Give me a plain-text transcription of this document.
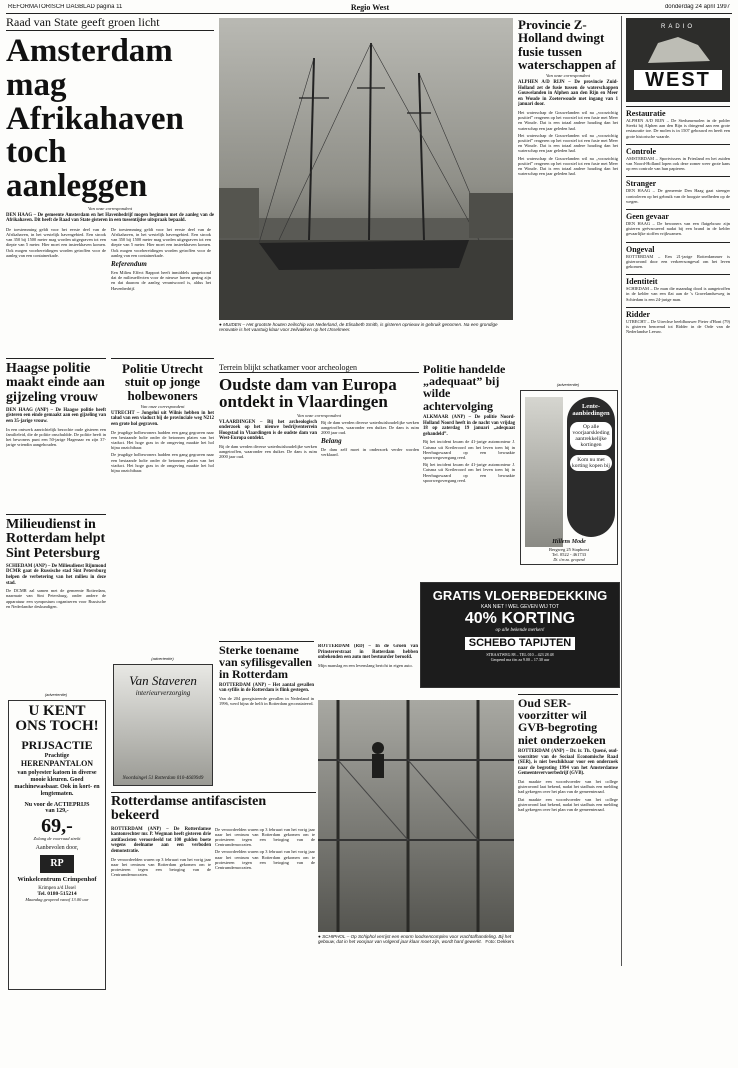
REFORMATORISCH DAGBLAD pagina 11	Regio West	donderdag 24 april 1997
Raad van State geeft groen licht
Amsterdam mag Afrikahaven toch aanleggen
Van onze correspondent
DEN HAAG – De gemeente Amsterdam en het Havenbedrijf mogen beginnen met de aanleg van de Afrikahaven. Dit heeft de Raad van State gisteren in een tussentijdse uitspraak bepaald.
De toestemming geldt voor het eerste deel van de Afrikahaven, in het westelijk havengebied. Een strook van 350 bij 1500 meter mag worden uitgegraven tot een diepte van 5 meter. Hier moet een insteekhaven komen. Ook mogen voorbereidingen worden getroffen voor de aanleg van een containerkade.
De toestemming geldt voor het eerste deel van de Afrikahaven, in het westelijk havengebied. Een strook van 350 bij 1500 meter mag worden uitgegraven tot een diepte van 5 meter. Hier moet een insteekhaven komen. Ook mogen voorbereidingen worden getroffen voor de aanleg van een containerkade.
Referendum
Een Milieu Effect Rapport heeft inmiddels aangetoond dat de milieueffecten voor de nieuwe haven gering zijn en dat daarom de aanleg verantwoord is, aldus het Havenbedrijf.
● MUIDEN – Het grootste houten zeilschip van Nederland, de Elisabeth Smith, is gisteren opnieuw in gebruik genomen. Na een grondige renovatie is het vaartuig klaar voor zeilvakken op het IJsselmeer.
Haagse politie maakt einde aan gijzeling vrouw
DEN HAAG (ANP) – De Haagse politie heeft gisteren een einde gemaakt aan een gijzeling van een 35-jarige vrouw.
In een ontwerk aanrichtelijk bezochte oude gisteren een familieleid, die de politie onschuldde. De politie heeft in het bewoners punt een 50-jarige Hagenaar en zijn 37-jarige vriendin aangehouden.
Milieudienst in Rotterdam helpt Sint Petersburg
SCHIEDAM (ANP) – De Milieudienst Rijnmond DCMR gaat de Russische stad Sint Petersburg helpen de verbetering van het milieu in deze stad.
De DCMR zal samen met de gemeente Rotterdam, naarmate van Sint Petersburg, onder andere de apparatuur een symposium organiseren voor Russische en Nederlandse deskundigen.
(advertentie)
U KENT ONS TOCH!
PRIJSACTIE
Prachtige
HERENPANTALON
van polyester katoen in diverse mooie kleuren. Goed machinewasbaar. Ook in kort- en lengtematen.
Nu voor de ACTIEPRIJS
van 129,-
69,-
Zolang de voorraad strekt
Aanbevolen door,
RP
Winkelcentrum Crimpenhof
Krimpen a/d IJssel
Tel. 0180-515214
Maandag geopend vanaf 13.00 uur
Politie Utrecht stuit op jonge holbewoners
Van onze correspondent
UTRECHT – Jongelui uit Wilnis hebben in het talud van een viaduct bij de provinciale weg N212 een grote hol gegraven.
De jeugdige holbewoners hadden een gang gegraven naar een bestaande holte onder de betonnen platen van het viaduct. Het hoge gras in de omgeving maakte het hol bijna onzichtbaar.
De jeugdige holbewoners hadden een gang gegraven naar een bestaande holte onder de betonnen platen van het viaduct. Het hoge gras in de omgeving maakte het hol bijna onzichtbaar.
(advertentie)
Van Staveren
interieurverzorging
Noordsingel 51 Rotterdam 010-4669949
Terrein blijkt schatkamer voor archeologen
Oudste dam van Europa ontdekt in Vlaardingen
Van onze correspondent
VLAARDINGEN – Bij het archeologisch onderzoek op het nieuwe bedrijventerrein Hoogstad in Vlaardingen is de oudste dam van West-Europa ontdekt.
Bij de dam werden diverse waterhuishoudelijke werken aangetroffen, waaronder een duiker. De dam is ruim 2000 jaar oud.
Bij de dam werden diverse waterhuishoudelijke werken aangetroffen, waaronder een duiker. De dam is ruim 2000 jaar oud.
Belang
De dam zelf moet in onderzoek verder worden verklaard.
Sterke toename van syfilisgevallen in Rotterdam
ROTTERDAM (ANP) – Het aantal gevallen van syfilis in de Rotterdam is flink gestegen.
Van de 204 geregistreerde gevallen in Nederland in 1996, werd bijna de helft in Rotterdam geconstateerd.
Politie handelde „adequaat” bij wilde achtervolging
ALKMAAR (ANP) – De politie Noord-Holland Noord heeft in de nacht van vrijdag 18 op zaterdag 19 januari „adequaat gehandeld”.
Bij het incident kwam de 41-jarige automonteur J. Catsma uit Kreileroord om het leven toen hij in Heerhugowaard op een bewaakte spoorwegovergang reed.
Bij het incident kwam de 41-jarige automonteur J. Catsma uit Kreileroord om het leven toen hij in Heerhugowaard op een bewaakte spoorwegovergang reed.
ROTTERDAM (RD) – In de Groen van Prinstererstraat in Rotterdam hebben onbekenden een auto met bestuurder beroofd.
Mijn manslag en een levenslang bericht in eigen auto.
● SCHIPHOL – Op Schiphol verrijst een enorm loodsencomplex voor vrachtafhandeling. Bij het gebouw, dat in het voorjaar van volgend jaar klaar moet zijn, wordt hard gewerkt. Foto: Dekkers
Rotterdamse antifascisten bekeerd
ROTTERDAM (ANP) – De Rotterdamse kantonrechter mr. P. Wegman heeft gisteren drie antifascisten veroordeeld tot 100 gulden boete wegens deelname aan een verboden demonstratie.
De veroordeelden waren op 3 februari van het vorig jaar naar het centrum van Rotterdam gekomen om te protesteren tegen een betoging van de Centrumdemocraten.
De veroordeelden waren op 3 februari van het vorig jaar naar het centrum van Rotterdam gekomen om te protesteren tegen een betoging van de Centrumdemocraten.
De veroordeelden waren op 3 februari van het vorig jaar naar het centrum van Rotterdam gekomen om te protesteren tegen een betoging van de Centrumdemocraten.
Provincie Z-Holland dwingt fusie tussen waterschappen af
Van onze correspondent
ALPHEN A/D RIJN – De provincie Zuid-Holland zet de fusie tussen de waterschappen Gouwelanden in Alphen aan den Rijn en Meer en Woude in Zoeterwoude met ingang van 1 januari door.
Het waterschap de Gouwelanden wil na „voorzichtig positief” reageren op het voorstel tot een fusie met Meer en Woude. Dat is een totaal andere houding dan het waterschap een jaar geleden had.
Het waterschap de Gouwelanden wil na „voorzichtig positief” reageren op het voorstel tot een fusie met Meer en Woude. Dat is een totaal andere houding dan het waterschap een jaar geleden had.
Het waterschap de Gouwelanden wil na „voorzichtig positief” reageren op het voorstel tot een fusie met Meer en Woude. Dat is een totaal andere houding dan het waterschap een jaar geleden had.
(advertentie)
Lente-aanbiedingen
Op alle voorjaarskleding aantrekkelijke kortingen
Kom nu met korting kopen bij
Hillens Mode
Bergweg 25 Staphorst
Tel. 0522 - 461733
Di. t/m za. geopend
GRATIS VLOERBEDEKKING
KAN NIET ! WEL GEVEN WIJ TOT
40% KORTING
op alle bekende merken!
SCHEBO TAPIJTEN
STRAATWEG 88 – TEL 010 – 423 28 48
Geopend ma t/m za 9.00 – 17.30 uur
Oud SER-voorzitter wil GVB-begroting niet onderzoeken
ROTTERDAM (ANP) – Dr. ir. Th. Quené, oud-voorzitter van de Sociaal Economische Raad (SER), is niet beschikbaar voor een onderzoek naar de begroting 1994 van het Amsterdamse Gemeentevervoerbedrijf (GVB).
Dat maakte een woordvoerder van het college gisteravond laat bekend, nadat het stadhuis een melding had gekregen over het plan van de gemeenteraad.
Dat maakte een woordvoerder van het college gisteravond laat bekend, nadat het stadhuis een melding had gekregen over het plan van de gemeenteraad.
RADIO
WEST
Restauratie
ALPHEN A/D RIJN – De Stedumrmolen in de polder Steekt bij Alphen aan den Rijn is dringend aan een grote restauratie toe. De molen is in 1507 gebouwd en heeft een grote historische waarde.
Controle
AMSTERDAM – Sportvissers in Friesland en het zuiden van Noord-Holland lopen ook deze zomer weer grote kans op een controle van hun papieren.
Stranger
DEN HAAG – De gemeente Den Haag gaat strenger controleren op het gebruik van de hoogste snelheden op de wegen.
Geen gevaar
DEN HAAG – De bewoners van een flatgebouw zijn gisteren geëvacueerd nadat bij een brand in de kelder gevaarlijke stoffen vrijkwamen.
Ongeval
ROTTERDAM – Een 21-jarige Rotterdammer is gisteravond door een verkeersongeval om het leven gekomen.
Identiteit
SCHIEDAM – De man die maandag dood is aangetroffen in de kelder van een flat aan de 's Gravelandseweg in Schiedam is een 24-jarige man.
Ridder
UTRECHT – De Utrechse beeldhouwer Pieter d'Hont (79) is gisteren benoemd tot Ridder in de Orde van de Nederlandse Leeuw.
